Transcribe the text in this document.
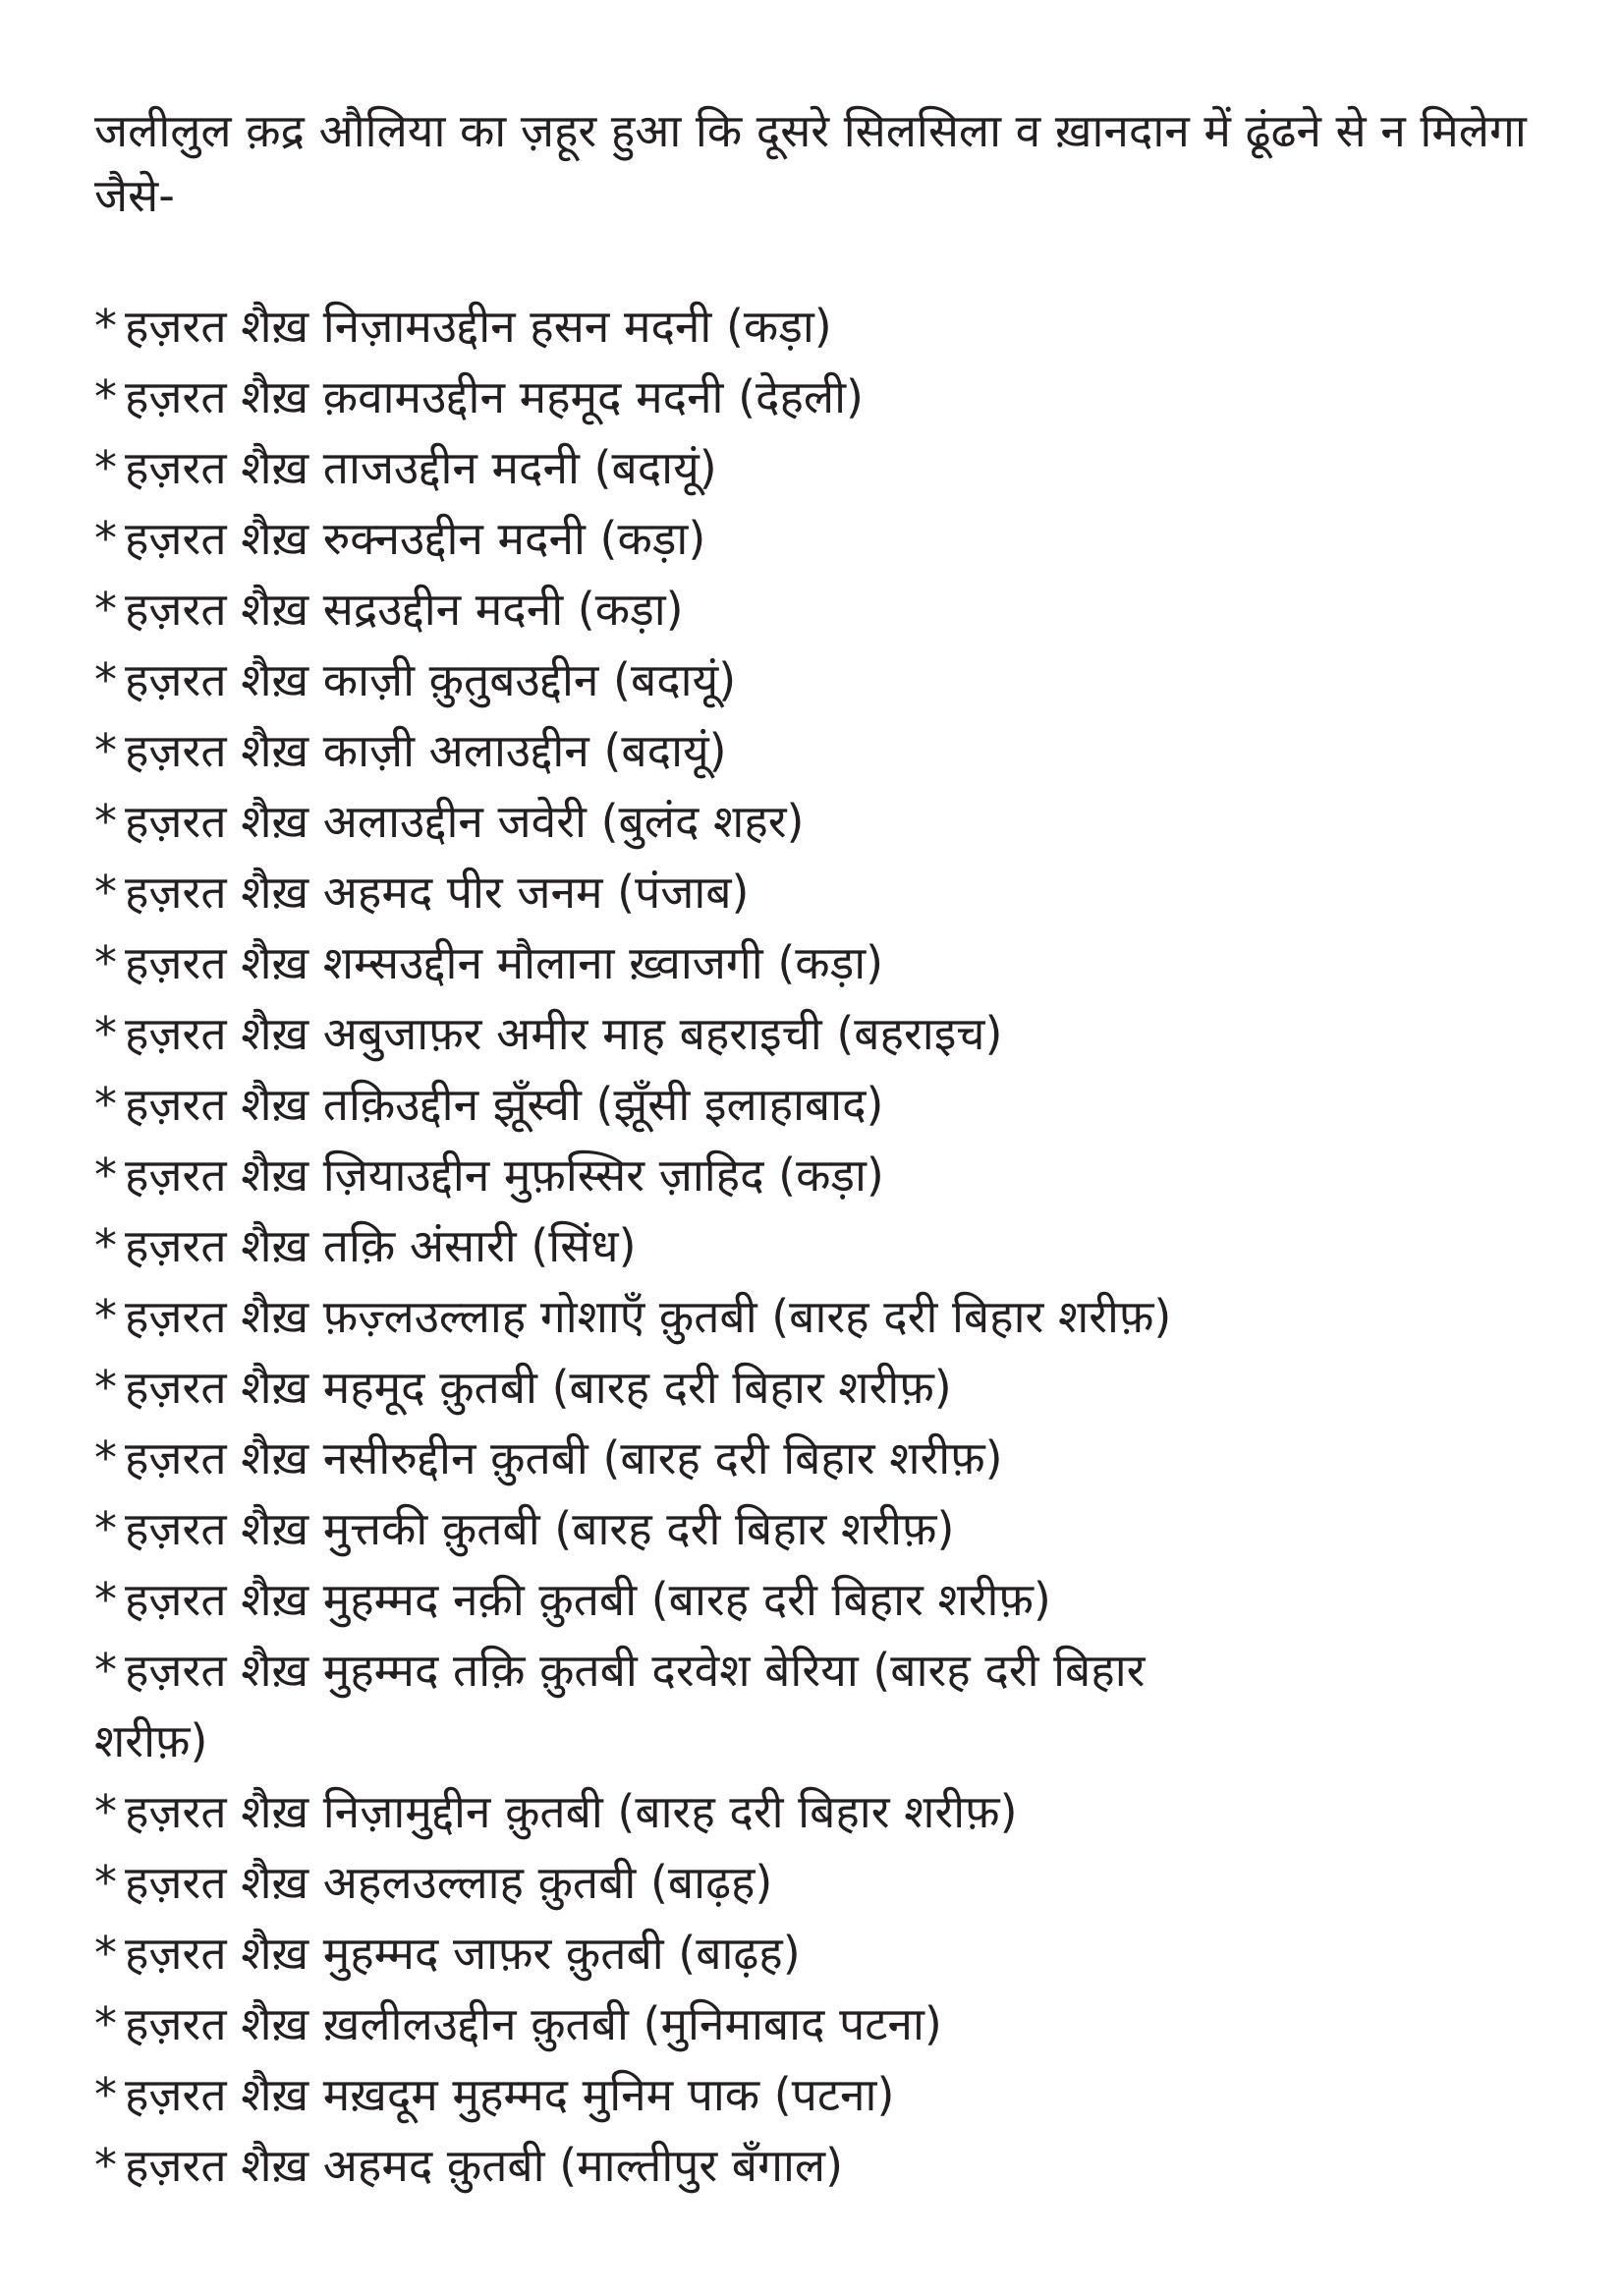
जलीलुल क़द्र औलिया का ज़हूर हुआ कि दूसरे सिलसिला व ख़ानदान में ढूंढने से न मिलेगा जैसे-

* हज़रत शैख़ निज़ामउद्दीन हसन मदनी (कड़ा)
* हज़रत शैख़ क़वामउद्दीन महमूद मदनी (देहली)
* हज़रत शैख़ ताजउद्दीन मदनी (बदायूं)
* हज़रत शैख़ रुक्नउद्दीन मदनी (कड़ा)
* हज़रत शैख़ सद्रउद्दीन मदनी (कड़ा)
* हज़रत शैख़ काज़ी क़ुतुबउद्दीन (बदायूं)
* हज़रत शैख़ काज़ी अलाउद्दीन (बदायूं)
* हज़रत शैख़ अलाउद्दीन जवेरी (बुलंद शहर)
* हज़रत शैख़ अहमद पीर जनम (पंजाब)
* हज़रत शैख़ शम्सउद्दीन मौलाना ख़्वाजगी (कड़ा)
* हज़रत शैख़ अबुजाफ़र अमीर माह बहराइची (बहराइच)
* हज़रत शैख़ तक़िउद्दीन झूँस्वी (झूँसी इलाहाबाद)
* हज़रत शैख़ ज़ियाउद्दीन मुफ़स्सिर ज़ाहिद (कड़ा)
* हज़रत शैख़ तक़ि अंसारी (सिंध)
* हज़रत शैख़ फ़ज़्लउल्लाह गोशाएँ क़ुतबी (बारह दरी बिहार शरीफ़)
* हज़रत शैख़ महमूद क़ुतबी (बारह दरी बिहार शरीफ़)
* हज़रत शैख़ नसीरुद्दीन क़ुतबी (बारह दरी बिहार शरीफ़)
* हज़रत शैख़ मुत्तकी क़ुतबी (बारह दरी बिहार शरीफ़)
* हज़रत शैख़ मुहम्मद नक़ी क़ुतबी (बारह दरी बिहार शरीफ़)
* हज़रत शैख़ मुहम्मद तक़ि क़ुतबी दरवेश बेरिया (बारह दरी बिहार शरीफ़)
* हज़रत शैख़ निज़ामुद्दीन क़ुतबी (बारह दरी बिहार शरीफ़)
* हज़रत शैख़ अहलउल्लाह क़ुतबी (बाढ़ह)
* हज़रत शैख़ मुहम्मद जाफ़र क़ुतबी (बाढ़ह)
* हज़रत शैख़ ख़लीलउद्दीन क़ुतबी (मुनिमाबाद पटना)
* हज़रत शैख़ मख़दूम मुहम्मद मुनिम पाक (पटना)
* हज़रत शैख़ अहमद क़ुतबी (माल्तीपुर बँगाल)
